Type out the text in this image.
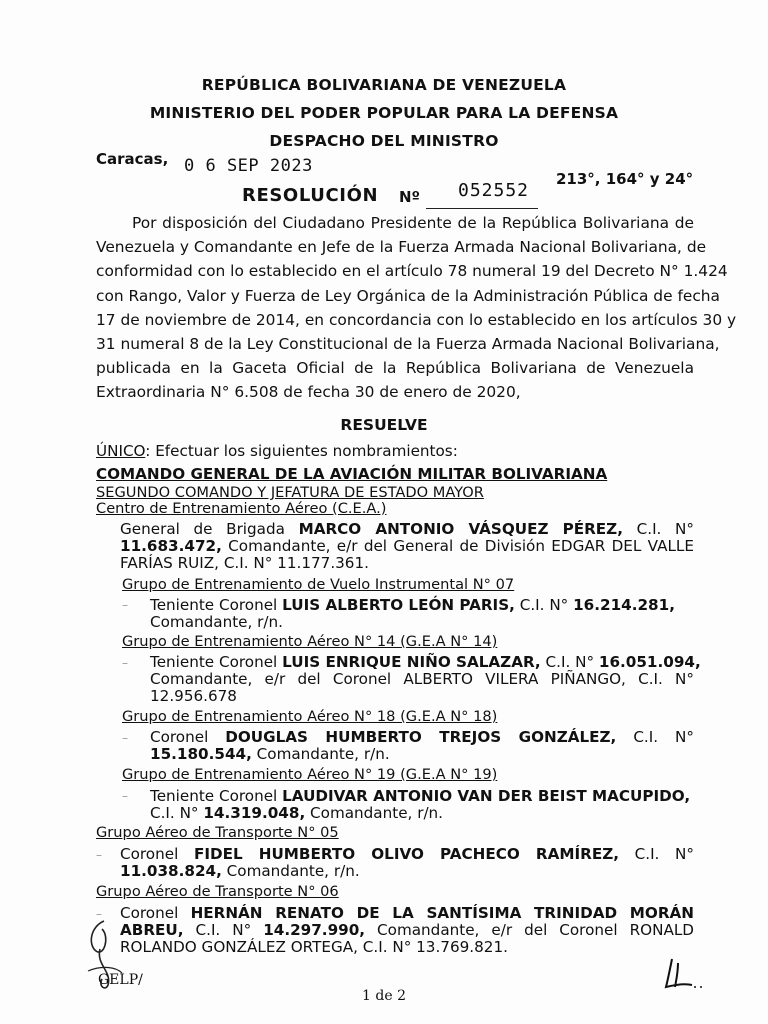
REPÚBLICA BOLIVARIANA DE VENEZUELA
MINISTERIO DEL PODER POPULAR PARA LA DEFENSA
DESPACHO DEL MINISTRO
Caracas, 0 6 SEP 2023
RESOLUCIÓN Nº 052552
213°, 164° y 24°
Por disposición del Ciudadano Presidente de la República Bolivariana de
Venezuela y Comandante en Jefe de la Fuerza Armada Nacional Bolivariana, de
conformidad con lo establecido en el artículo 78 numeral 19 del Decreto N° 1.424
con Rango, Valor y Fuerza de Ley Orgánica de la Administración Pública de fecha
17 de noviembre de 2014, en concordancia con lo establecido en los artículos 30 y
31 numeral 8 de la Ley Constitucional de la Fuerza Armada Nacional Bolivariana,
publicada en la Gaceta Oficial de la República Bolivariana de Venezuela
Extraordinaria N° 6.508 de fecha 30 de enero de 2020,
RESUELVE
ÚNICO: Efectuar los siguientes nombramientos:
COMANDO GENERAL DE LA AVIACIÓN MILITAR BOLIVARIANA
SEGUNDO COMANDO Y JEFATURA DE ESTADO MAYOR
Centro de Entrenamiento Aéreo (C.E.A.)
General de Brigada MARCO ANTONIO VÁSQUEZ PÉREZ, C.I. N°
11.683.472, Comandante, e/r del General de División EDGAR DEL VALLE
FARÍAS RUIZ, C.I. N° 11.177.361.
Grupo de Entrenamiento de Vuelo Instrumental N° 07
– Teniente Coronel LUIS ALBERTO LEÓN PARIS, C.I. N° 16.214.281,
Comandante, r/n.
Grupo de Entrenamiento Aéreo N° 14 (G.E.A N° 14)
– Teniente Coronel LUIS ENRIQUE NIÑO SALAZAR, C.I. N° 16.051.094,
Comandante, e/r del Coronel ALBERTO VILERA PIÑANGO, C.I. N°
12.956.678
Grupo de Entrenamiento Aéreo N° 18 (G.E.A N° 18)
– Coronel DOUGLAS HUMBERTO TREJOS GONZÁLEZ, C.I. N°
15.180.544, Comandante, r/n.
Grupo de Entrenamiento Aéreo N° 19 (G.E.A N° 19)
– Teniente Coronel LAUDIVAR ANTONIO VAN DER BEIST MACUPIDO,
C.I. N° 14.319.048, Comandante, r/n.
Grupo Aéreo de Transporte N° 05
– Coronel FIDEL HUMBERTO OLIVO PACHECO RAMÍREZ, C.I. N°
11.038.824, Comandante, r/n.
Grupo Aéreo de Transporte N° 06
– Coronel HERNÁN RENATO DE LA SANTÍSIMA TRINIDAD MORÁN
ABREU, C.I. N° 14.297.990, Comandante, e/r del Coronel RONALD
ROLANDO GONZÁLEZ ORTEGA, C.I. N° 13.769.821.
GELP/
1 de 2
